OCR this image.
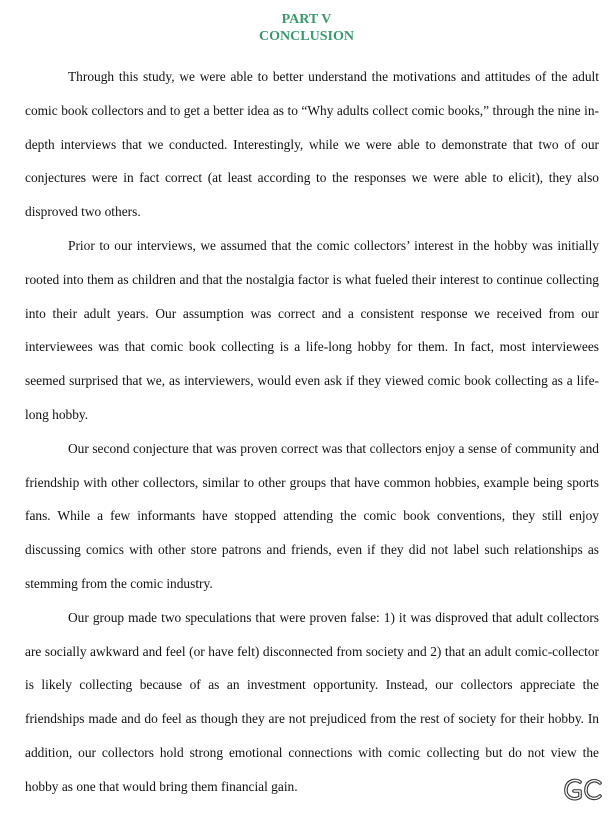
PART V
CONCLUSION

Through this study, we were able to better understand the motivations and attitudes of the adult comic book collectors and to get a better idea as to “Why adults collect comic books,” through the nine in-depth interviews that we conducted. Interestingly, while we were able to demonstrate that two of our conjectures were in fact correct (at least according to the responses we were able to elicit), they also disproved two others.

Prior to our interviews, we assumed that the comic collectors’ interest in the hobby was initially rooted into them as children and that the nostalgia factor is what fueled their interest to continue collecting into their adult years. Our assumption was correct and a consistent response we received from our interviewees was that comic book collecting is a life-long hobby for them. In fact, most interviewees seemed surprised that we, as interviewers, would even ask if they viewed comic book collecting as a life-long hobby.

Our second conjecture that was proven correct was that collectors enjoy a sense of community and friendship with other collectors, similar to other groups that have common hobbies, example being sports fans. While a few informants have stopped attending the comic book conventions, they still enjoy discussing comics with other store patrons and friends, even if they did not label such relationships as stemming from the comic industry.

Our group made two speculations that were proven false: 1) it was disproved that adult collectors are socially awkward and feel (or have felt) disconnected from society and 2) that an adult comic-collector is likely collecting because of as an investment opportunity. Instead, our collectors appreciate the friendships made and do feel as though they are not prejudiced from the rest of society for their hobby. In addition, our collectors hold strong emotional connections with comic collecting but do not view the hobby as one that would bring them financial gain.
